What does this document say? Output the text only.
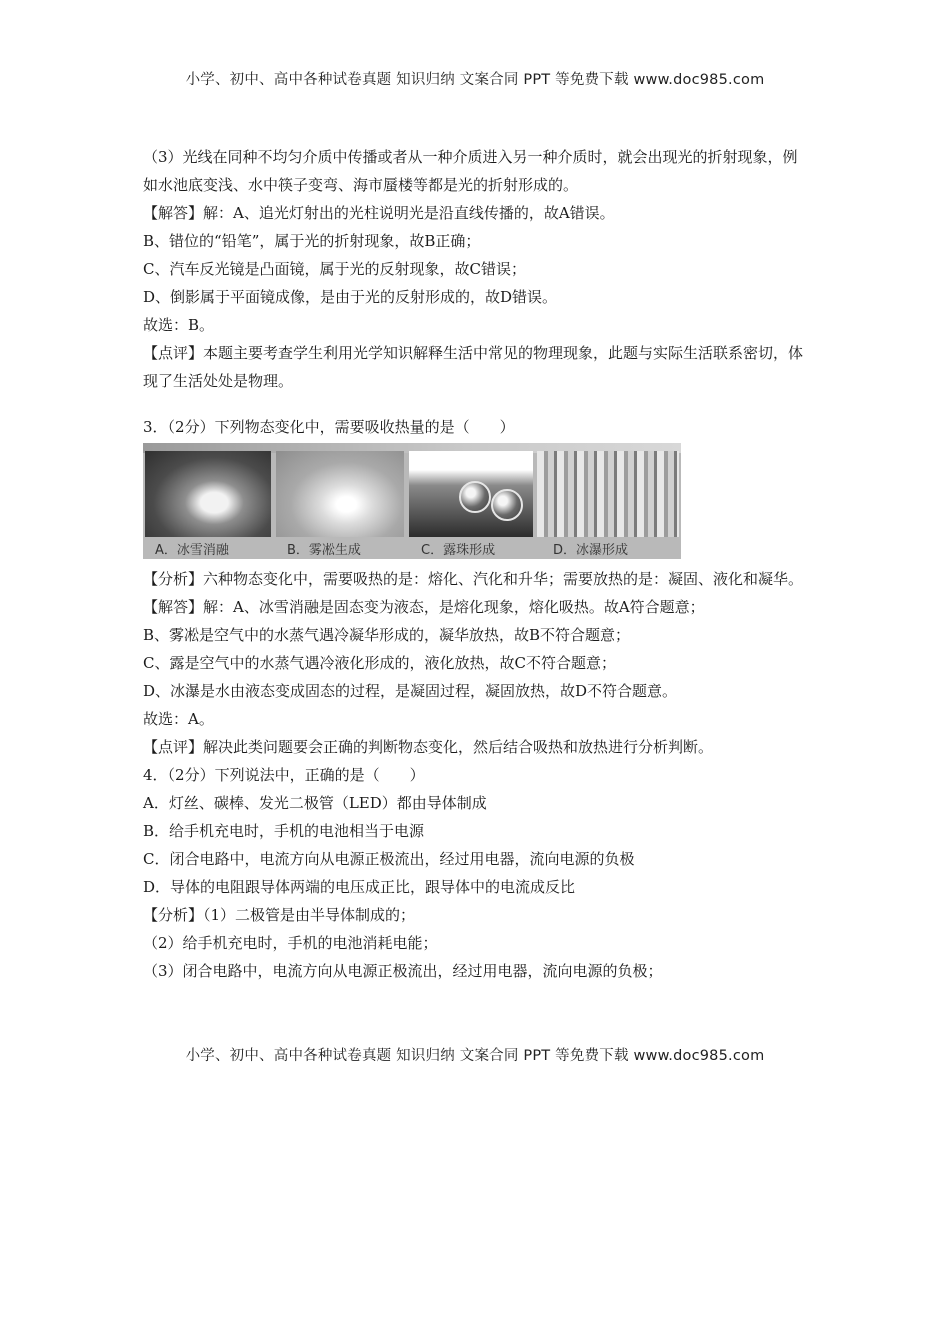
小学、初中、高中各种试卷真题 知识归纳 文案合同 PPT 等免费下载 www.doc985.com

（3）光线在同种不均匀介质中传播或者从一种介质进入另一种介质时，就会出现光的折射现象，例如水池底变浅、水中筷子变弯、海市蜃楼等都是光的折射形成的。

【解答】解：A、追光灯射出的光柱说明光是沿直线传播的，故A错误。

B、错位的“铅笔”，属于光的折射现象，故B正确；

C、汽车反光镜是凸面镜，属于光的反射现象，故C错误；

D、倒影属于平面镜成像，是由于光的反射形成的，故D错误。

故选：B。

【点评】本题主要考查学生利用光学知识解释生活中常见的物理现象，此题与实际生活联系密切，体现了生活处处是物理。

3．（2分）下列物态变化中，需要吸收热量的是（　　）

A．冰雪消融	B．雾凇生成	C．露珠形成	D．冰瀑形成

【分析】六种物态变化中，需要吸热的是：熔化、汽化和升华；需要放热的是：凝固、液化和凝华。

【解答】解：A、冰雪消融是固态变为液态，是熔化现象，熔化吸热。故A符合题意；

B、雾凇是空气中的水蒸气遇冷凝华形成的，凝华放热，故B不符合题意；

C、露是空气中的水蒸气遇冷液化形成的，液化放热，故C不符合题意；

D、冰瀑是水由液态变成固态的过程，是凝固过程，凝固放热，故D不符合题意。

故选：A。

【点评】解决此类问题要会正确的判断物态变化，然后结合吸热和放热进行分析判断。

4．（2分）下列说法中，正确的是（　　）

A．灯丝、碳棒、发光二极管（LED）都由导体制成

B．给手机充电时，手机的电池相当于电源

C．闭合电路中，电流方向从电源正极流出，经过用电器，流向电源的负极

D．导体的电阻跟导体两端的电压成正比，跟导体中的电流成反比

【分析】（1）二极管是由半导体制成的；

（2）给手机充电时，手机的电池消耗电能；

（3）闭合电路中，电流方向从电源正极流出，经过用电器，流向电源的负极；

小学、初中、高中各种试卷真题 知识归纳 文案合同 PPT 等免费下载 www.doc985.com
